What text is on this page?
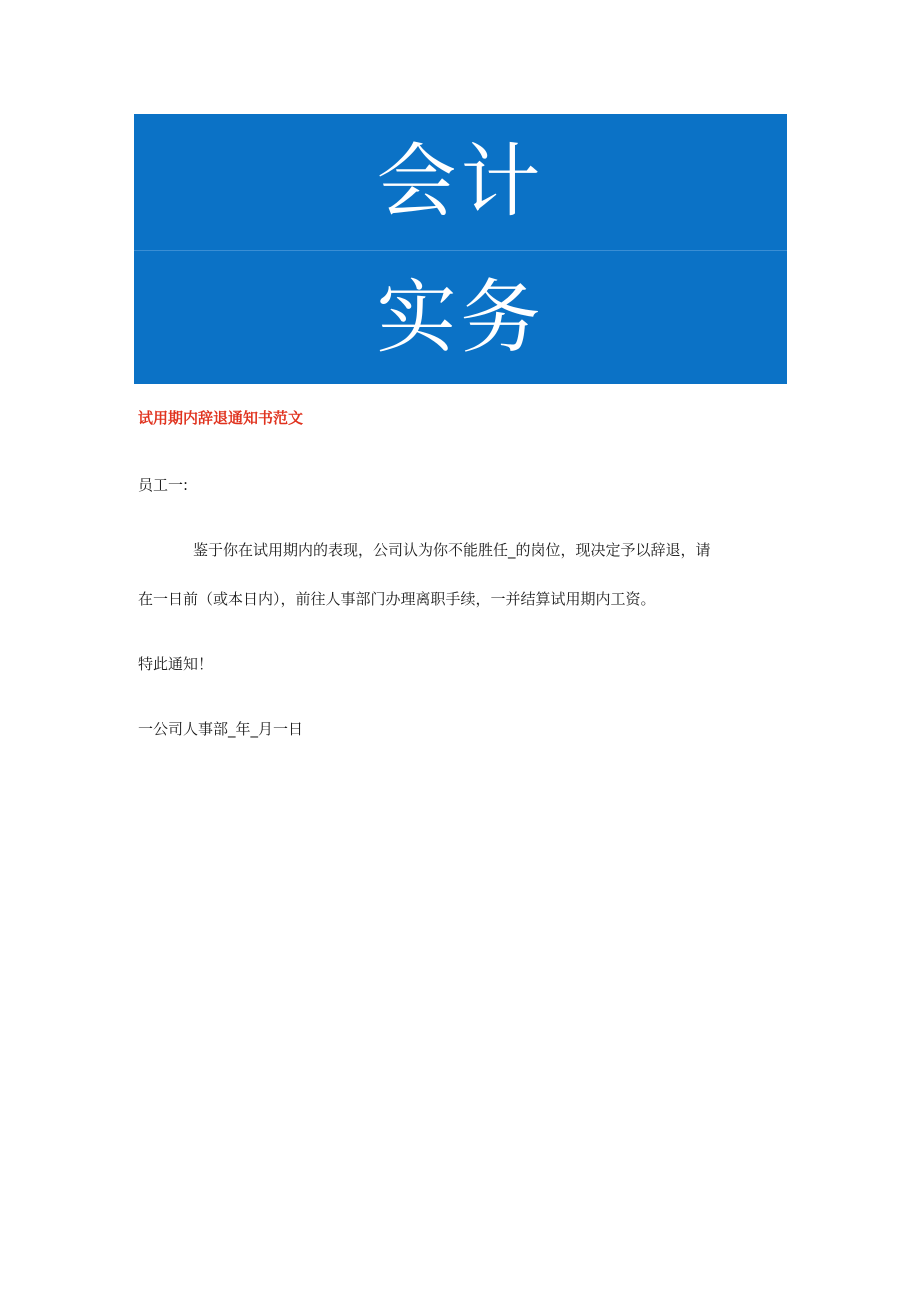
会计
实务
试用期内辞退通知书范文
员工一:
鉴于你在试用期内的表现，公司认为你不能胜任_的岗位，现决定予以辞退，请
在一日前（或本日内），前往人事部门办理离职手续，一并结算试用期内工资。
特此通知！
一公司人事部_年_月一日
